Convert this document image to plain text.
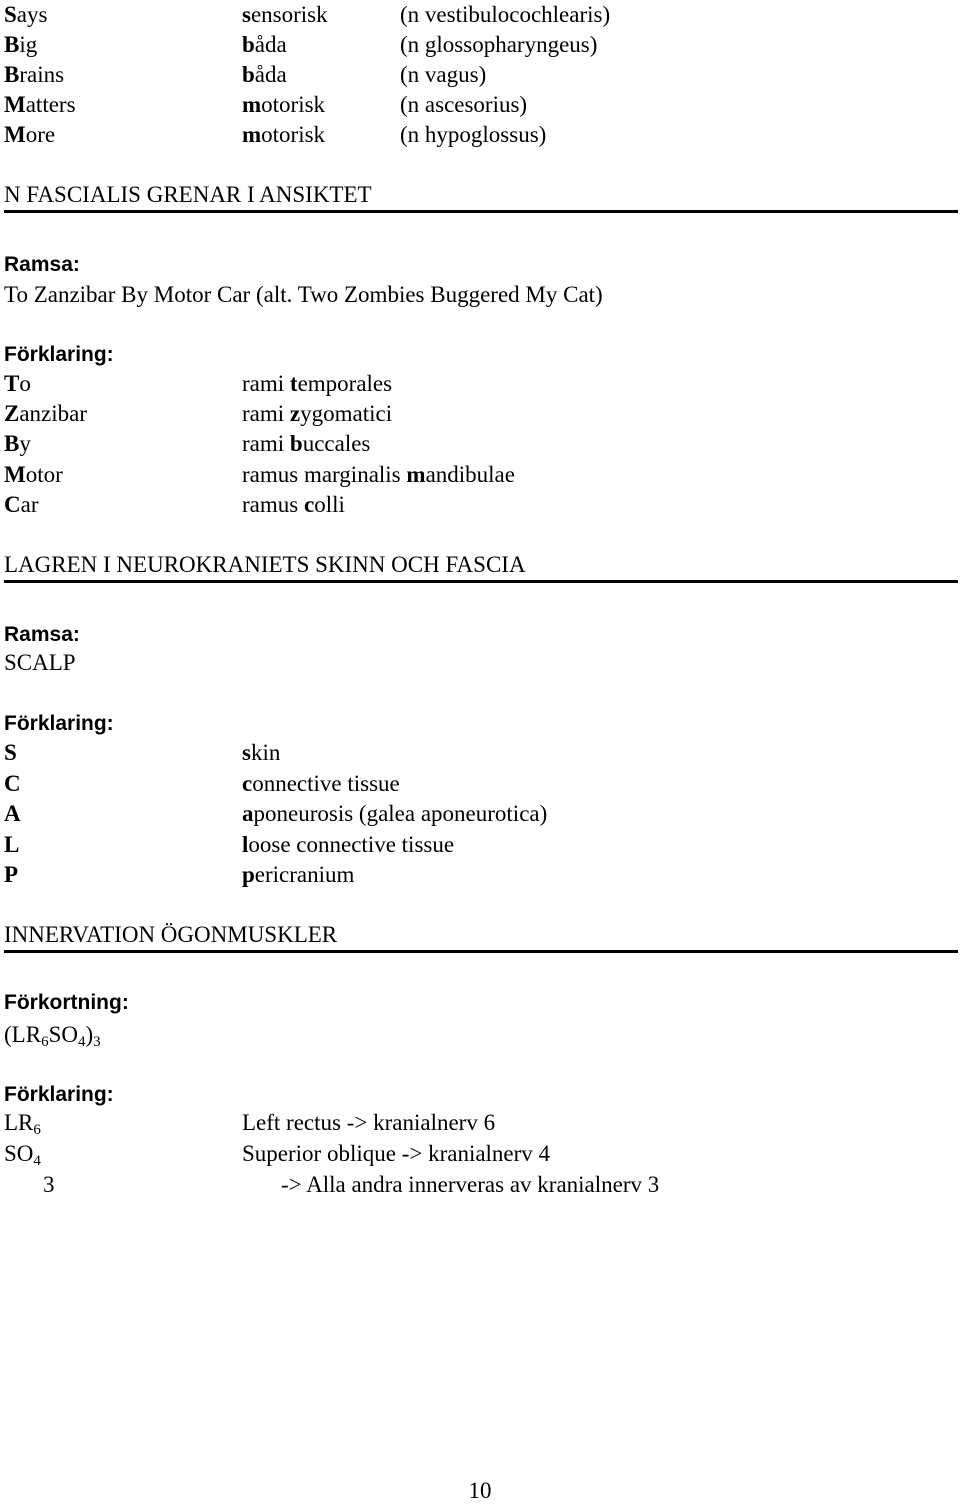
Says	sensorisk	(n vestibulocochlearis)
Big	båda	(n glossopharyngeus)
Brains	båda	(n vagus)
Matters	motorisk	(n ascesorius)
More	motorisk	(n hypoglossus)
N FASCIALIS GRENAR I ANSIKTET
Ramsa:
To Zanzibar By Motor Car (alt. Two Zombies Buggered My Cat)
Förklaring:
To	rami temporales
Zanzibar	rami zygomatici
By	rami buccales
Motor	ramus marginalis mandibulae
Car	ramus colli
LAGREN I NEUROKRANIETS SKINN OCH FASCIA
Ramsa:
SCALP
Förklaring:
S	skin
C	connective tissue
A	aponeurosis (galea aponeurotica)
L	loose connective tissue
P	pericranium
INNERVATION ÖGONMUSKLER
Förkortning:
$(LR_6SO_4)_3$
Förklaring:
$LR_6$	Left rectus -> kranialnerv 6
$SO_4$	Superior oblique -> kranialnerv 4
3	-> Alla andra innerveras av kranialnerv 3
10
